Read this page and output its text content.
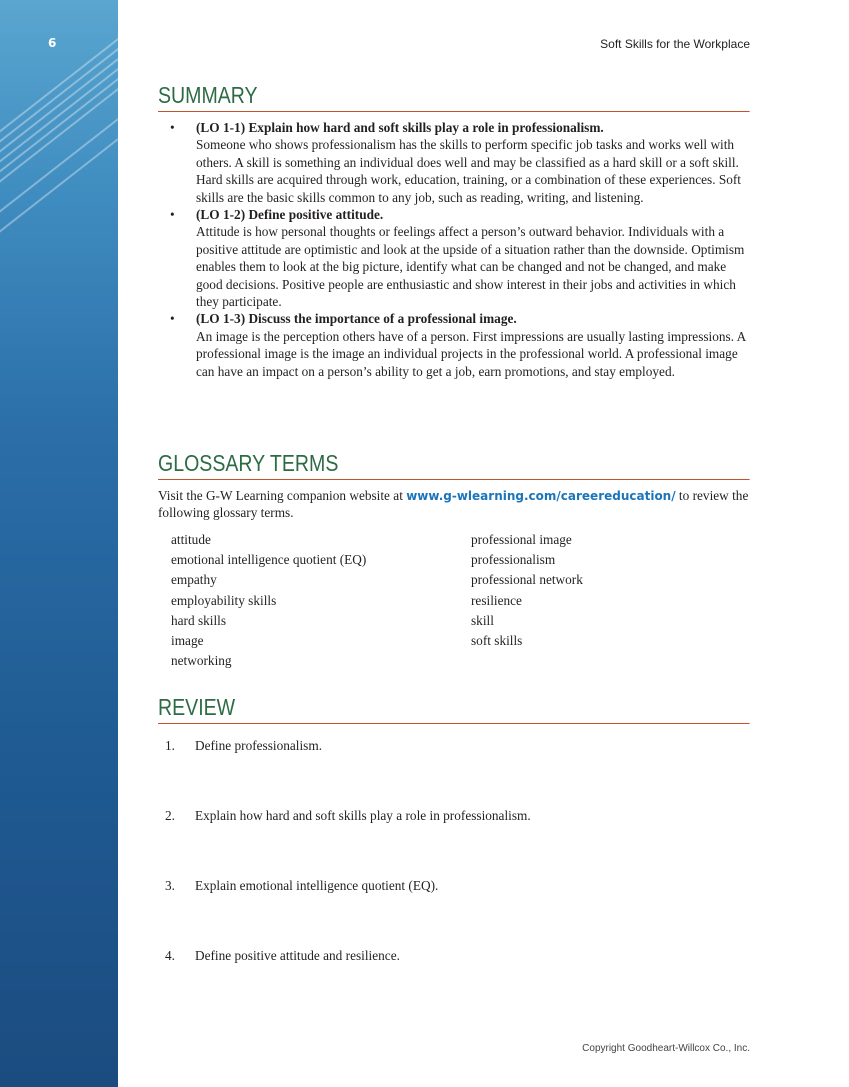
6	Soft Skills for the Workplace
SUMMARY
• (LO 1-1) Explain how hard and soft skills play a role in professionalism.
Someone who shows professionalism has the skills to perform specific job tasks and works well with others. A skill is something an individual does well and may be classified as a hard skill or a soft skill. Hard skills are acquired through work, education, training, or a combination of these experiences. Soft skills are the basic skills common to any job, such as reading, writing, and listening.
• (LO 1-2) Define positive attitude.
Attitude is how personal thoughts or feelings affect a person’s outward behavior. Individuals with a positive attitude are optimistic and look at the upside of a situation rather than the downside. Optimism enables them to look at the big picture, identify what can be changed and not be changed, and make good decisions. Positive people are enthusiastic and show interest in their jobs and activities in which they participate.
• (LO 1-3) Discuss the importance of a professional image.
An image is the perception others have of a person. First impressions are usually lasting impressions. A professional image is the image an individual projects in the professional world. A professional image can have an impact on a person’s ability to get a job, earn promotions, and stay employed.
GLOSSARY TERMS
Visit the G-W Learning companion website at www.g-wlearning.com/careereducation/ to review the following glossary terms.
attitude
emotional intelligence quotient (EQ)
empathy
employability skills
hard skills
image
networking
professional image
professionalism
professional network
resilience
skill
soft skills
REVIEW
1. Define professionalism.
2. Explain how hard and soft skills play a role in professionalism.
3. Explain emotional intelligence quotient (EQ).
4. Define positive attitude and resilience.
Copyright Goodheart-Willcox Co., Inc.
